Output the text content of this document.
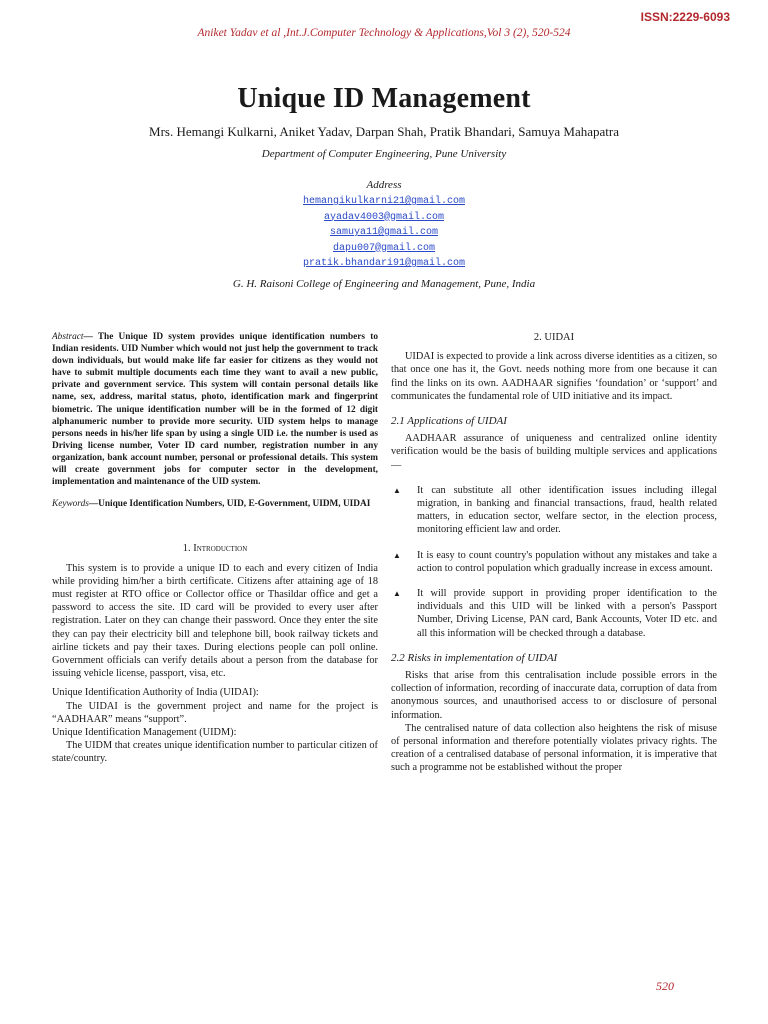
ISSN:2229-6093
Aniket Yadav et al ,Int.J.Computer Technology & Applications,Vol 3 (2), 520-524
Unique ID Management
Mrs. Hemangi Kulkarni, Aniket Yadav, Darpan Shah, Pratik Bhandari, Samuya Mahapatra
Department of Computer Engineering, Pune University
Address
hemangikulkarni21@gmail.com
ayadav4003@gmail.com
samuya11@gmail.com
dapu007@gmail.com
pratik.bhandari91@gmail.com
G. H. Raisoni College of Engineering and Management, Pune, India

Abstract— The Unique ID system provides unique identification numbers to Indian residents. UID Number which would not just help the government to track down individuals, but would make life far easier for citizens as they would not have to submit multiple documents each time they want to avail a new public, private and government service. This system will contain personal details like name, sex, address, marital status, photo, identification mark and fingerprint biometric. The unique identification number will be in the formed of 12 digit alphanumeric number to provide more security. UID system helps to manage persons needs in his/her life span by using a single UID i.e. the number is used as Driving license number, Voter ID card number, registration number in any organization, bank account number, personal or professional details. This system will create government jobs for computer sector in the development, implementation and maintenance of the UID system.

Keywords—Unique Identification Numbers, UID, E-Government, UIDM, UIDAI

1. Introduction

This system is to provide a unique ID to each and every citizen of India while providing him/her a birth certificate. Citizens after attaining age of 18 must register at RTO office or Collector office or Thasildar office and get a password to access the site. ID card will be provided to every user after registration. Later on they can change their password. Once they enter the site they can pay their electricity bill and telephone bill, book railway tickets and airline tickets and pay their taxes. During elections people can poll online. Government officials can verify details about a person from the database for issuing vehicle license, passport, visa, etc.

Unique Identification Authority of India (UIDAI):

The UIDAI is the government project and name for the project is “AADHAAR” means “support”.

Unique Identification Management (UIDM):

The UIDM that creates unique identification number to particular citizen of state/country.

2. UIDAI

UIDAI is expected to provide a link across diverse identities as a citizen, so that once one has it, the Govt. needs nothing more from one because it can find the links on its own. AADHAAR signifies ‘foundation’ or ‘support’ and communicates the fundamental role of UID initiative and its impact.

2.1 Applications of UIDAI

AADHAAR assurance of uniqueness and centralized online identity verification would be the basis of building multiple services and applications —

▲ It can substitute all other identification issues including illegal migration, in banking and financial transactions, fraud, health related matters, in education sector, welfare sector, in the election process, monitoring efficient law and order.

▲ It is easy to count country's population without any mistakes and take a action to control population which gradually increase in excess amount.

▲ It will provide support in providing proper identification to the individuals and this UID will be linked with a person's Passport Number, Driving License, PAN card, Bank Accounts, Voter ID etc. and all this information will be checked through a database.

2.2 Risks in implementation of UIDAI

Risks that arise from this centralisation include possible errors in the collection of information, recording of inaccurate data, corruption of data from anonymous sources, and unauthorised access to or disclosure of personal information.

The centralised nature of data collection also heightens the risk of misuse of personal information and therefore potentially violates privacy rights. The creation of a centralised database of personal information, it is imperative that such a programme not be established without the proper

520
